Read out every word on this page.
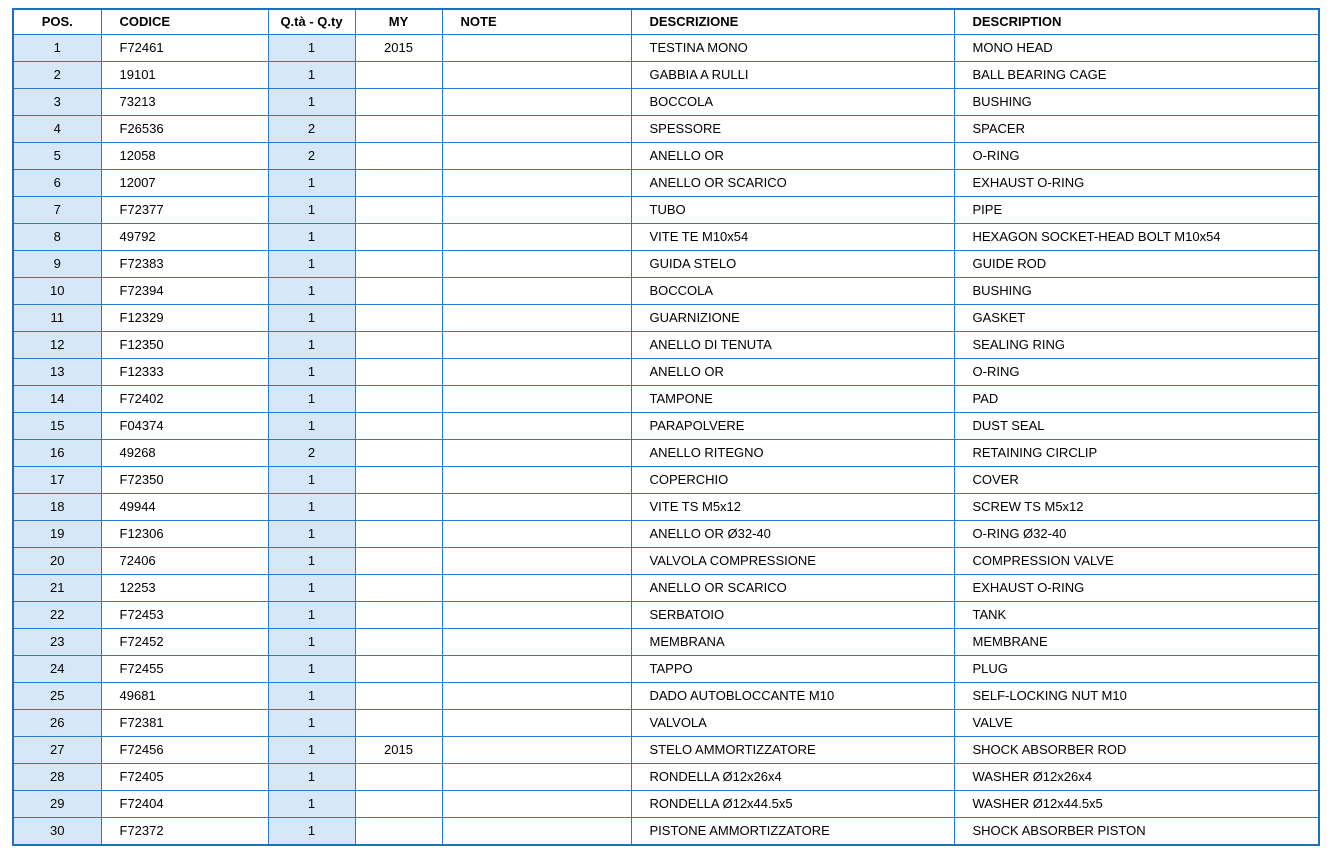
POS.	CODICE	Q.tà - Q.ty	MY	NOTE	DESCRIZIONE	DESCRIPTION
1	F72461	1	2015		TESTINA MONO	MONO HEAD
2	19101	1			GABBIA A RULLI	BALL BEARING CAGE
3	73213	1			BOCCOLA	BUSHING
4	F26536	2			SPESSORE	SPACER
5	12058	2			ANELLO OR	O-RING
6	12007	1			ANELLO OR SCARICO	EXHAUST O-RING
7	F72377	1			TUBO	PIPE
8	49792	1			VITE TE M10x54	HEXAGON SOCKET-HEAD BOLT M10x54
9	F72383	1			GUIDA STELO	GUIDE ROD
10	F72394	1			BOCCOLA	BUSHING
11	F12329	1			GUARNIZIONE	GASKET
12	F12350	1			ANELLO DI TENUTA	SEALING RING
13	F12333	1			ANELLO OR	O-RING
14	F72402	1			TAMPONE	PAD
15	F04374	1			PARAPOLVERE	DUST SEAL
16	49268	2			ANELLO RITEGNO	RETAINING CIRCLIP
17	F72350	1			COPERCHIO	COVER
18	49944	1			VITE TS M5x12	SCREW TS M5x12
19	F12306	1			ANELLO OR Ø32-40	O-RING Ø32-40
20	72406	1			VALVOLA COMPRESSIONE	COMPRESSION VALVE
21	12253	1			ANELLO OR SCARICO	EXHAUST O-RING
22	F72453	1			SERBATOIO	TANK
23	F72452	1			MEMBRANA	MEMBRANE
24	F72455	1			TAPPO	PLUG
25	49681	1			DADO AUTOBLOCCANTE M10	SELF-LOCKING NUT M10
26	F72381	1			VALVOLA	VALVE
27	F72456	1	2015		STELO AMMORTIZZATORE	SHOCK ABSORBER ROD
28	F72405	1			RONDELLA Ø12x26x4	WASHER Ø12x26x4
29	F72404	1			RONDELLA Ø12x44.5x5	WASHER Ø12x44.5x5
30	F72372	1			PISTONE AMMORTIZZATORE	SHOCK ABSORBER PISTON
